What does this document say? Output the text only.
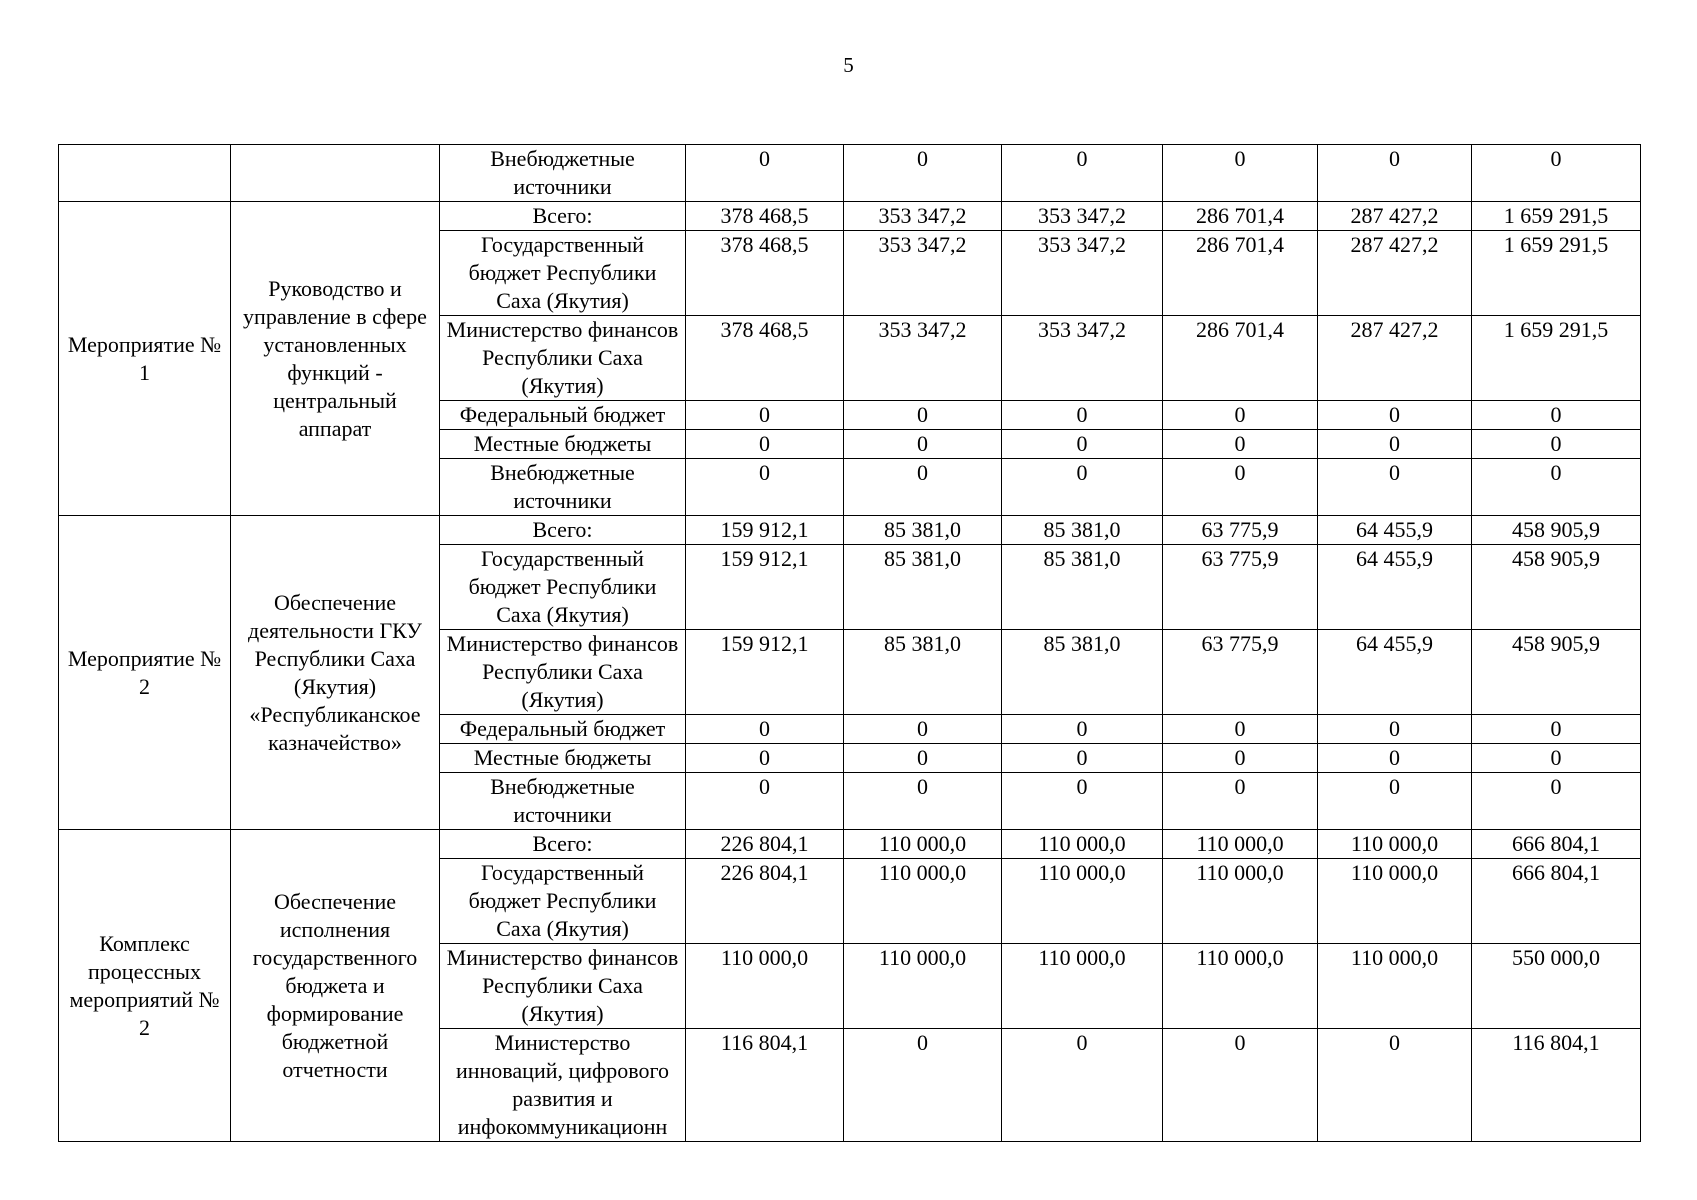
5
		Внебюджетные источники	0	0	0	0	0	0
Мероприятие № 1	Руководство и управление в сфере установленных функций - центральный аппарат	Всего:	378 468,5	353 347,2	353 347,2	286 701,4	287 427,2	1 659 291,5
		Государственный бюджет Республики Саха (Якутия)	378 468,5	353 347,2	353 347,2	286 701,4	287 427,2	1 659 291,5
		Министерство финансов Республики Саха (Якутия)	378 468,5	353 347,2	353 347,2	286 701,4	287 427,2	1 659 291,5
		Федеральный бюджет	0	0	0	0	0	0
		Местные бюджеты	0	0	0	0	0	0
		Внебюджетные источники	0	0	0	0	0	0
Мероприятие № 2	Обеспечение деятельности ГКУ Республики Саха (Якутия) «Республиканское казначейство»	Всего:	159 912,1	85 381,0	85 381,0	63 775,9	64 455,9	458 905,9
		Государственный бюджет Республики Саха (Якутия)	159 912,1	85 381,0	85 381,0	63 775,9	64 455,9	458 905,9
		Министерство финансов Республики Саха (Якутия)	159 912,1	85 381,0	85 381,0	63 775,9	64 455,9	458 905,9
		Федеральный бюджет	0	0	0	0	0	0
		Местные бюджеты	0	0	0	0	0	0
		Внебюджетные источники	0	0	0	0	0	0
Комплекс процессных мероприятий № 2	Обеспечение исполнения государственного бюджета и формирование бюджетной отчетности	Всего:	226 804,1	110 000,0	110 000,0	110 000,0	110 000,0	666 804,1
		Государственный бюджет Республики Саха (Якутия)	226 804,1	110 000,0	110 000,0	110 000,0	110 000,0	666 804,1
		Министерство финансов Республики Саха (Якутия)	110 000,0	110 000,0	110 000,0	110 000,0	110 000,0	550 000,0
		Министерство инноваций, цифрового развития и инфокоммуникационн	116 804,1	0	0	0	0	116 804,1
